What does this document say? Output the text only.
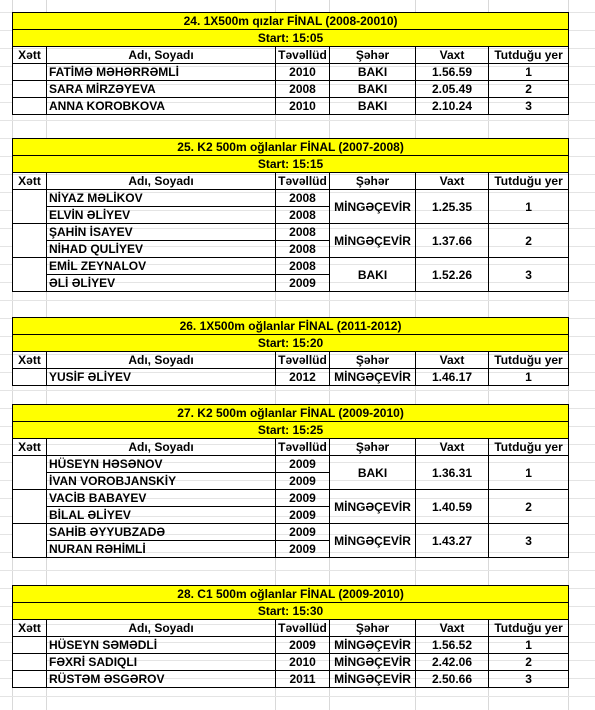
24. 1X500m qızlar FİNAL (2008-20010)					
Start: 15:05					
Xətt	Adı, Soyadı	Təvəllüd	Şəhər	Vaxt	Tutduğu yer
	FATİMƏ MƏHƏRRƏMLİ	2010	BAKI	1.56.59	1
	SARA MİRZƏYEVA	2008	BAKI	2.05.49	2
	ANNA KOROBKOVA	2010	BAKI	2.10.24	3
25. K2 500m oğlanlar FİNAL (2007-2008)					
Start: 15:15					
Xətt	Adı, Soyadı	Təvəllüd	Şəhər	Vaxt	Tutduğu yer
	NİYAZ MƏLİKOV	2008	MİNGƏÇEVİR	1.25.35	1
	ELVİN ƏLİYEV	2008			
	ŞAHİN İSAYEV	2008	MİNGƏÇEVİR	1.37.66	2
	NİHAD QULİYEV	2008			
	EMİL ZEYNALOV	2008	BAKI	1.52.26	3
	ƏLİ ƏLİYEV	2009			
26. 1X500m oğlanlar FİNAL (2011-2012)					
Start: 15:20					
Xətt	Adı, Soyadı	Təvəllüd	Şəhər	Vaxt	Tutduğu yer
	YUSİF ƏLİYEV	2012	MİNGƏÇEVİR	1.46.17	1
27. K2 500m oğlanlar FİNAL (2009-2010)					
Start: 15:25					
Xətt	Adı, Soyadı	Təvəllüd	Şəhər	Vaxt	Tutduğu yer
	HÜSEYN HƏSƏNOV	2009	BAKI	1.36.31	1
	İVAN VOROBJANSKİY	2009			
	VACİB BABAYEV	2009	MİNGƏÇEVİR	1.40.59	2
	BİLAL ƏLİYEV	2009			
	SAHİB ƏYYUBZADƏ	2009	MİNGƏÇEVİR	1.43.27	3
	NURAN RƏHİMLİ	2009			
28. C1 500m oğlanlar FİNAL (2009-2010)					
Start: 15:30					
Xətt	Adı, Soyadı	Təvəllüd	Şəhər	Vaxt	Tutduğu yer
	HÜSEYN SƏMƏDLİ	2009	MİNGƏÇEVİR	1.56.52	1
	FƏXRİ SADIQLI	2010	MİNGƏÇEVİR	2.42.06	2
	RÜSTƏM ƏSGƏROV	2011	MİNGƏÇEVİR	2.50.66	3
